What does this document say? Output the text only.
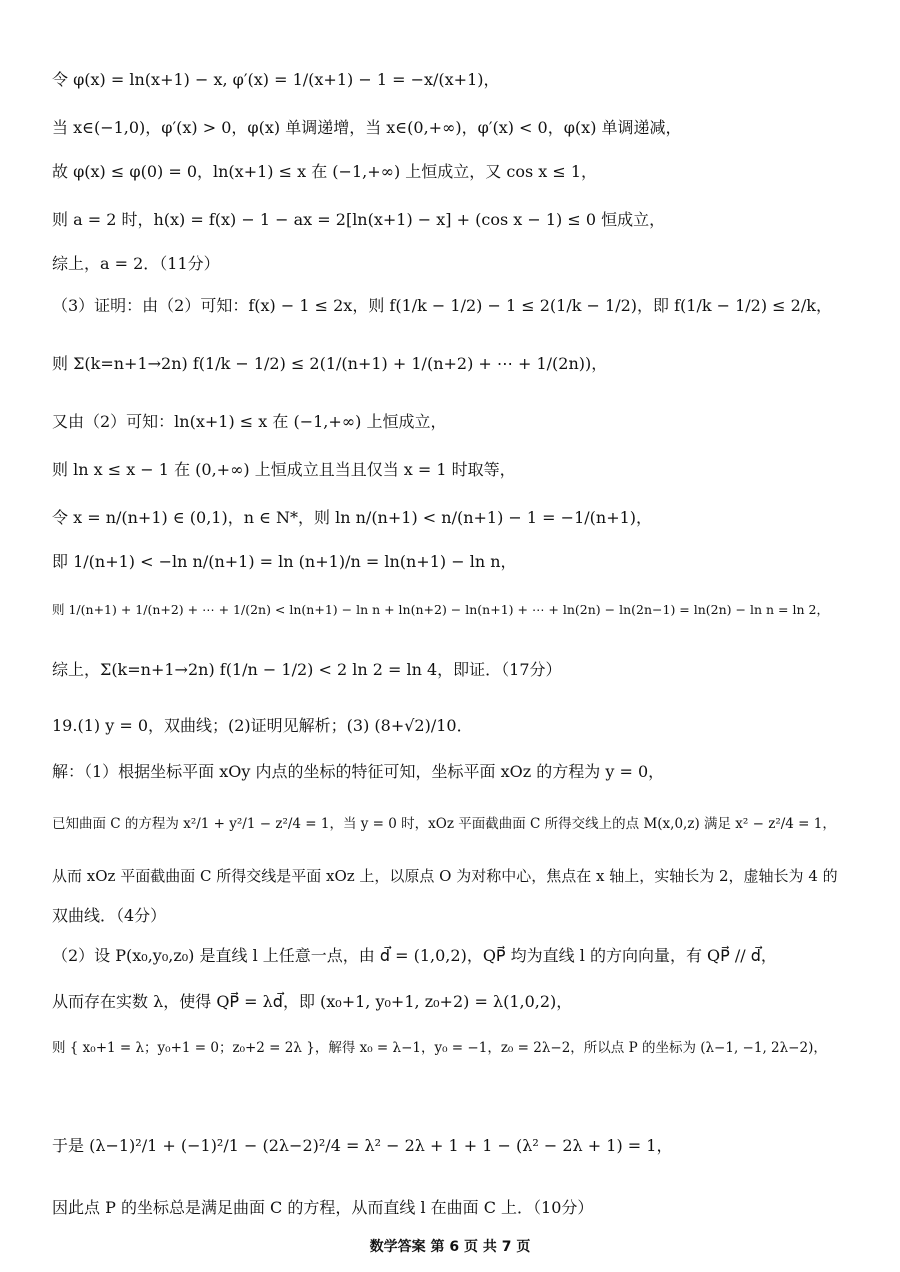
令 φ(x) = ln(x+1) − x, φ′(x) = 1/(x+1) − 1 = −x/(x+1)，
当 x∈(−1,0)，φ′(x) > 0，φ(x) 单调递增，当 x∈(0,+∞)，φ′(x) < 0，φ(x) 单调递减，
故 φ(x) ≤ φ(0) = 0，ln(x+1) ≤ x 在 (−1,+∞) 上恒成立，又 cos x ≤ 1，
则 a = 2 时，h(x) = f(x) − 1 − ax = 2[ln(x+1) − x] + (cos x − 1) ≤ 0 恒成立，
综上，a = 2．（11分）
（3）证明：由（2）可知：f(x) − 1 ≤ 2x，则 f(1/k − 1/2) − 1 ≤ 2(1/k − 1/2)，即 f(1/k − 1/2) ≤ 2/k，
则 Σ(k=n+1→2n) f(1/k − 1/2) ≤ 2(1/(n+1) + 1/(n+2) + ⋯ + 1/(2n))，
又由（2）可知：ln(x+1) ≤ x 在 (−1,+∞) 上恒成立，
则 ln x ≤ x − 1 在 (0,+∞) 上恒成立且当且仅当 x = 1 时取等，
令 x = n/(n+1) ∈ (0,1)，n ∈ N*，则 ln n/(n+1) < n/(n+1) − 1 = −1/(n+1)，
即 1/(n+1) < −ln n/(n+1) = ln (n+1)/n = ln(n+1) − ln n，
则 1/(n+1) + 1/(n+2) + ⋯ + 1/(2n) < ln(n+1) − ln n + ln(n+2) − ln(n+1) + ⋯ + ln(2n) − ln(2n−1) = ln(2n) − ln n = ln 2，
综上，Σ(k=n+1→2n) f(1/n − 1/2) < 2 ln 2 = ln 4，即证．（17分）
19.(1) y = 0，双曲线；(2)证明见解析；(3) (8+√2)/10．
解：（1）根据坐标平面 xOy 内点的坐标的特征可知，坐标平面 xOz 的方程为 y = 0，
已知曲面 C 的方程为 x²/1 + y²/1 − z²/4 = 1，当 y = 0 时，xOz 平面截曲面 C 所得交线上的点 M(x,0,z) 满足 x² − z²/4 = 1，
从而 xOz 平面截曲面 C 所得交线是平面 xOz 上，以原点 O 为对称中心，焦点在 x 轴上，实轴长为 2，虚轴长为 4 的
双曲线．（4分）
（2）设 P(x₀,y₀,z₀) 是直线 l 上任意一点，由 d⃗ = (1,0,2)，QP⃗ 均为直线 l 的方向向量，有 QP⃗ // d⃗，
从而存在实数 λ，使得 QP⃗ = λd⃗，即 (x₀+1, y₀+1, z₀+2) = λ(1,0,2)，
则 { x₀+1 = λ；y₀+1 = 0；z₀+2 = 2λ }，解得 x₀ = λ−1，y₀ = −1，z₀ = 2λ−2，所以点 P 的坐标为 (λ−1, −1, 2λ−2)，
于是 (λ−1)²/1 + (−1)²/1 − (2λ−2)²/4 = λ² − 2λ + 1 + 1 − (λ² − 2λ + 1) = 1，
因此点 P 的坐标总是满足曲面 C 的方程，从而直线 l 在曲面 C 上．（10分）
数学答案 第 6 页 共 7 页
